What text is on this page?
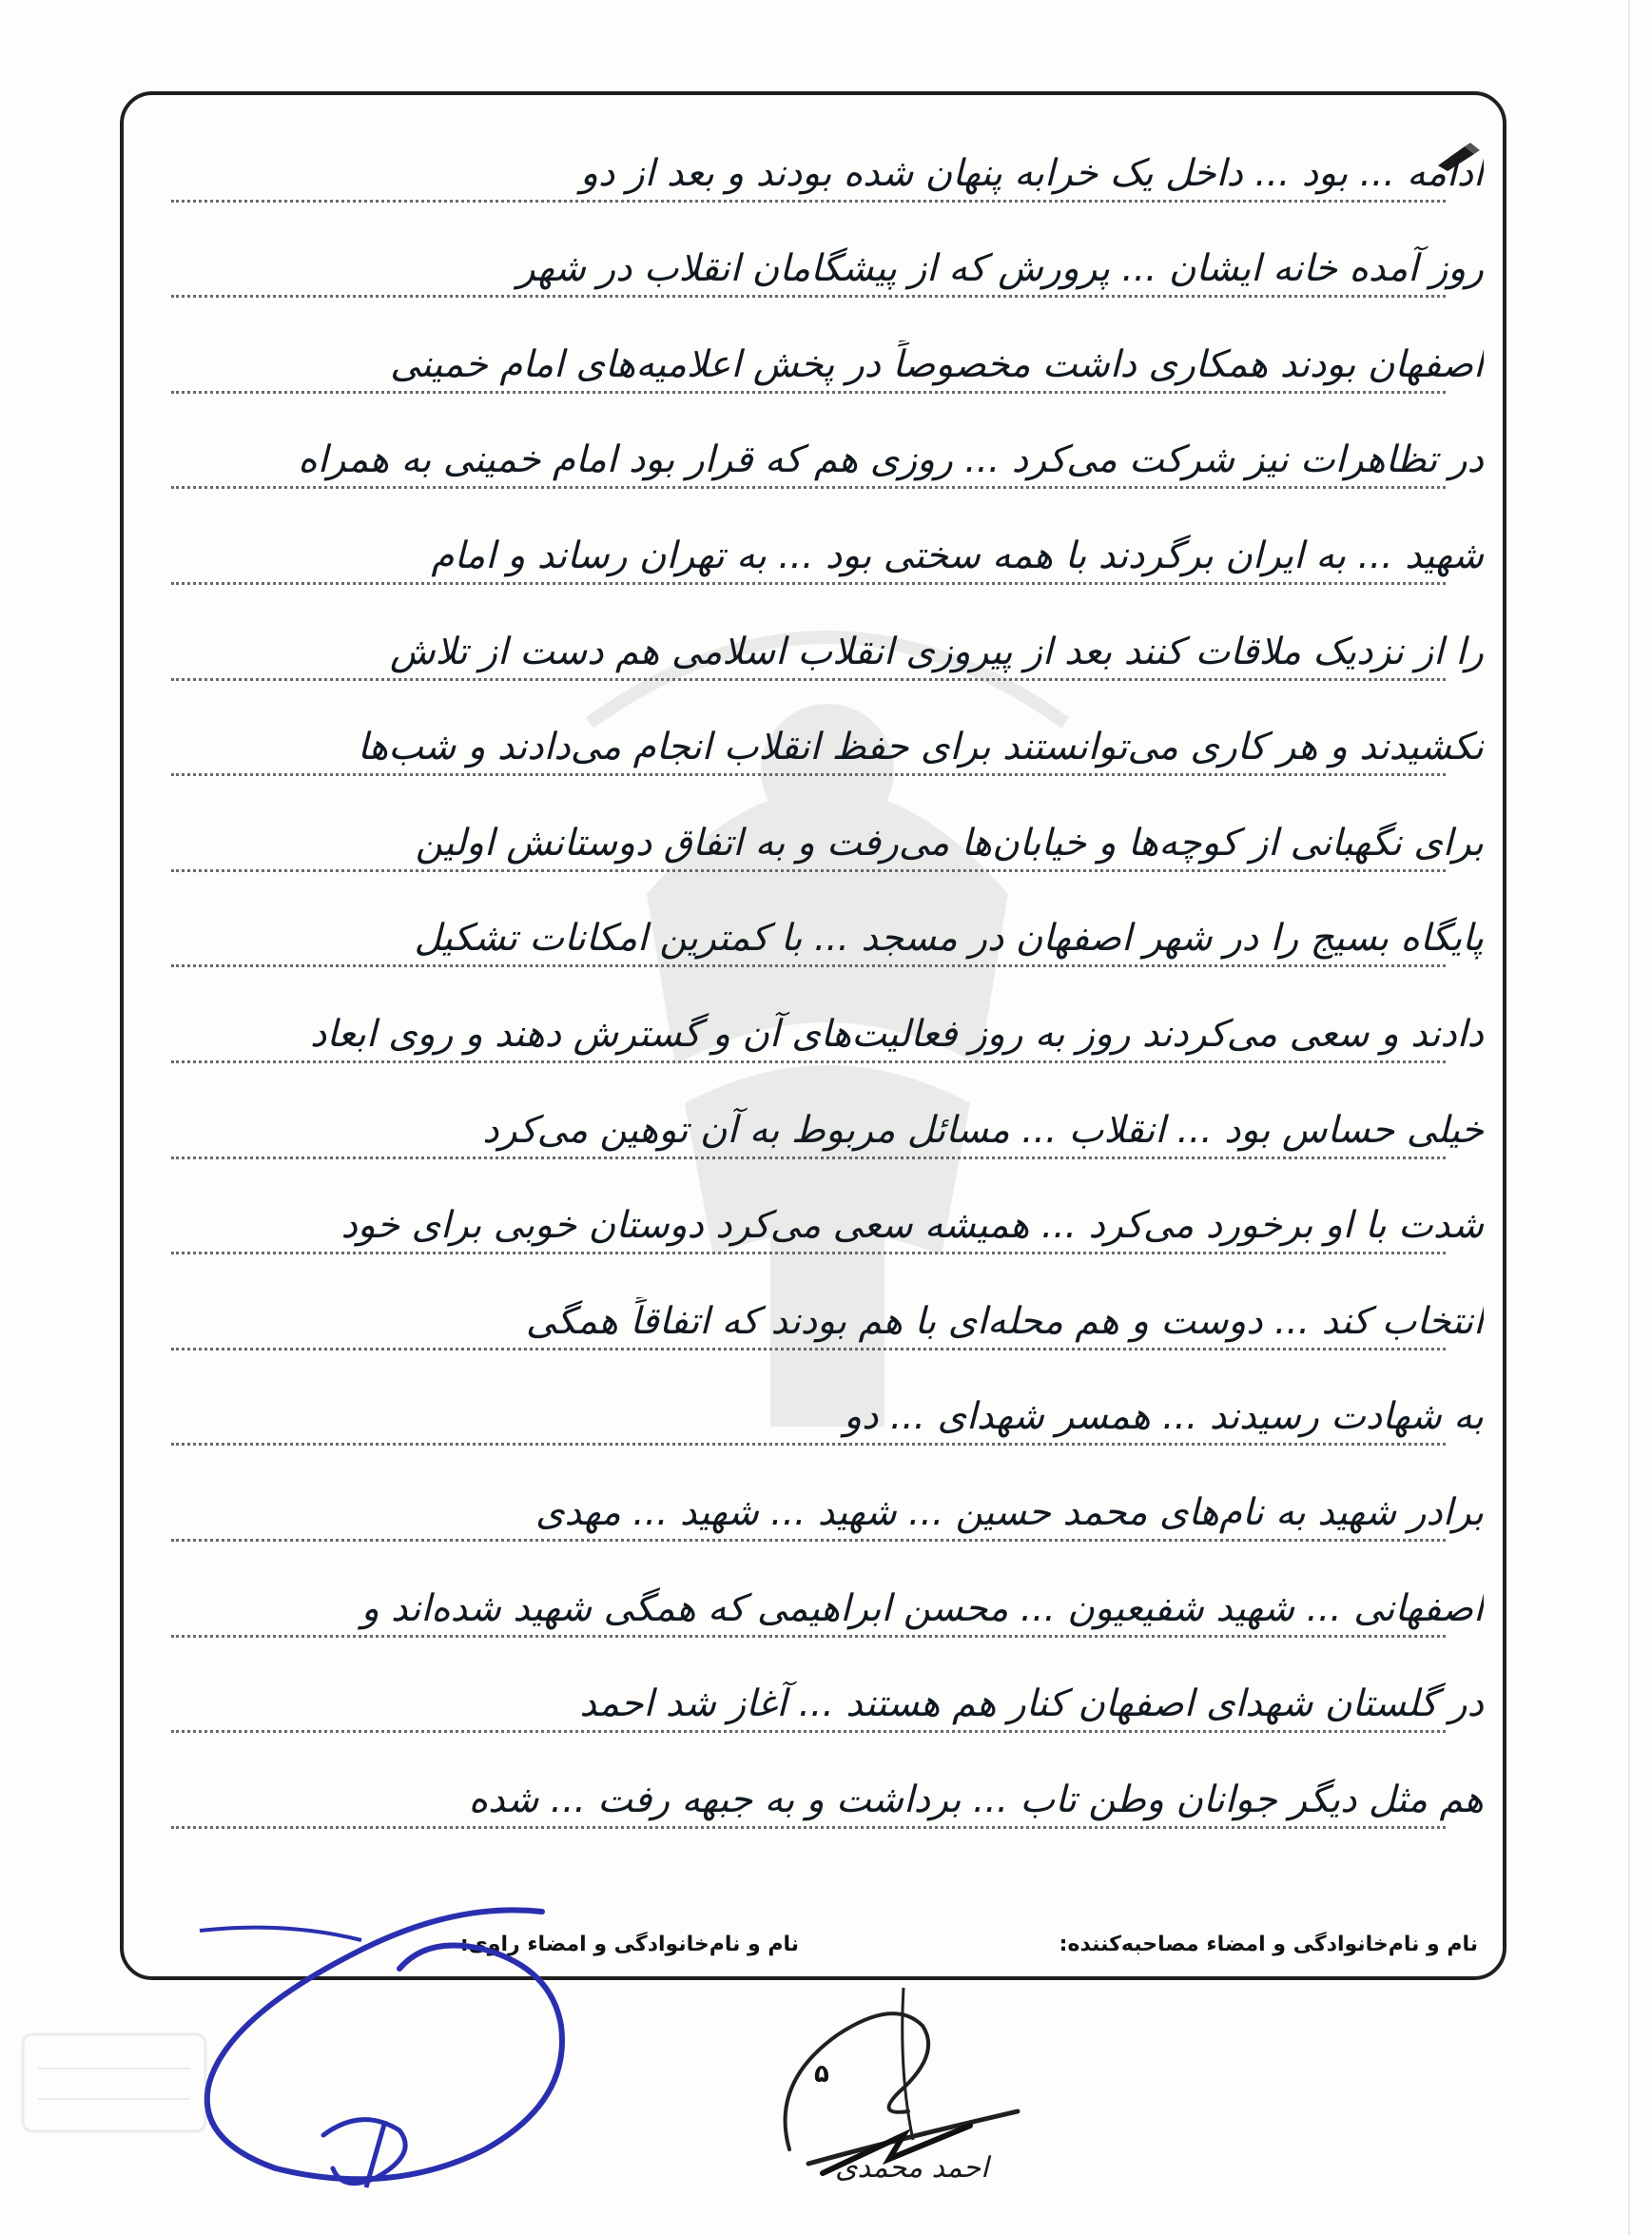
ادامه ... بود ... داخل یک خرابه پنهان شده بودند و بعد از دو
روز آمده خانه ایشان ... پرورش که از پیشگامان انقلاب در شهر
اصفهان بودند همکاری داشت مخصوصاً در پخش اعلامیه‌های امام خمینی
در تظاهرات نیز شرکت می‌کرد ... روزی هم که قرار بود امام خمینی به همراه
شهید ... به ایران برگردند با همه سختی بود ... به تهران رساند و امام
را از نزدیک ملاقات کنند بعد از پیروزی انقلاب اسلامی هم دست از تلاش
نکشیدند و هر کاری می‌توانستند برای حفظ انقلاب انجام می‌دادند و شب‌ها
برای نگهبانی از کوچه‌ها و خیابان‌ها می‌رفت و به اتفاق دوستانش اولین
پایگاه بسیج را در شهر اصفهان در مسجد ... با کمترین امکانات تشکیل
دادند و سعی می‌کردند روز به روز فعالیت‌های آن و گسترش دهند و روی ابعاد
خیلی حساس بود ... انقلاب ... مسائل مربوط به آن توهین می‌کرد
شدت با او برخورد می‌کرد ... همیشه سعی می‌کرد دوستان خوبی برای خود
انتخاب کند ... دوست و هم محله‌ای با هم بودند که اتفاقاً همگی
به شهادت رسیدند ... همسر شهدای ... دو
برادر شهید به نام‌های محمد حسین ... شهید ... شهید ... مهدی
اصفهانی ... شهید شفیعیون ... محسن ابراهیمی که همگی شهید شده‌اند و
در گلستان شهدای اصفهان کنار هم هستند ... آغاز شد احمد
هم مثل دیگر جوانان وطن تاب ... برداشت و به جبهه رفت ... شده
نام و نام‌خانوادگی و امضاء مصاحبه‌کننده:
نام و نام‌خانوادگی و امضاء راوی:
۵
احمد محمدی
